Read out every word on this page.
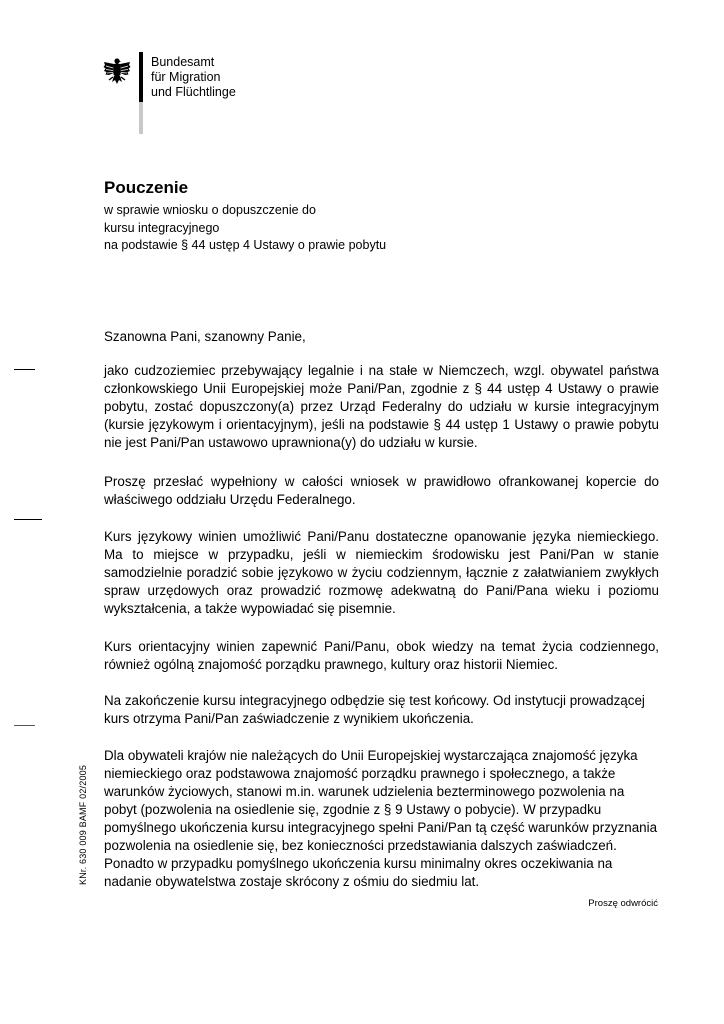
Bundesamt
für Migration
und Flüchtlinge
Pouczenie
w sprawie wniosku o dopuszczenie do
kursu integracyjnego
na podstawie § 44 ustęp 4 Ustawy o prawie pobytu
Szanowna Pani, szanowny Panie,
jako cudzoziemiec przebywający legalnie i na stałe w Niemczech, wzgl. obywatel państwa członkowskiego Unii Europejskiej może Pani/Pan, zgodnie z § 44 ustęp 4 Ustawy o prawie pobytu, zostać dopuszczony(a) przez Urząd Federalny do udziału w kursie integracyjnym (kursie językowym i orientacyjnym), jeśli na podstawie § 44 ustęp 1 Ustawy o prawie pobytu nie jest Pani/Pan ustawowo uprawniona(y) do udziału w kursie.
Proszę przesłać wypełniony w całości wniosek w prawidłowo ofrankowanej kopercie do właściwego oddziału Urzędu Federalnego.
Kurs językowy winien umożliwić Pani/Panu dostateczne opanowanie języka niemieckiego. Ma to miejsce w przypadku, jeśli w niemieckim środowisku jest Pani/Pan w stanie samodzielnie poradzić sobie językowo w życiu codziennym, łącznie z załatwianiem zwykłych spraw urzędowych oraz prowadzić rozmowę adekwatną do Pani/Pana wieku i poziomu wykształcenia, a także wypowiadać się pisemnie.
Kurs orientacyjny winien zapewnić Pani/Panu, obok wiedzy na temat życia codziennego, również ogólną znajomość porządku prawnego, kultury oraz historii Niemiec.
Na zakończenie kursu integracyjnego odbędzie się test końcowy. Od instytucji prowadzącej kurs otrzyma Pani/Pan zaświadczenie z wynikiem ukończenia.
Dla obywateli krajów nie należących do Unii Europejskiej wystarczająca znajomość języka niemieckiego oraz podstawowa znajomość porządku prawnego i społecznego, a także warunków życiowych, stanowi m.in. warunek udzielenia bezterminowego pozwolenia na pobyt (pozwolenia na osiedlenie się, zgodnie z § 9 Ustawy o pobycie). W przypadku pomyślnego ukończenia kursu integracyjnego spełni Pani/Pan tą część warunków przyznania pozwolenia na osiedlenie się, bez konieczności przedstawiania dalszych zaświadczeń. Ponadto w przypadku pomyślnego ukończenia kursu minimalny okres oczekiwania na nadanie obywatelstwa zostaje skrócony z ośmiu do siedmiu lat.
KNr. 630 009 BAMF 02/2005
Proszę odwrócić
